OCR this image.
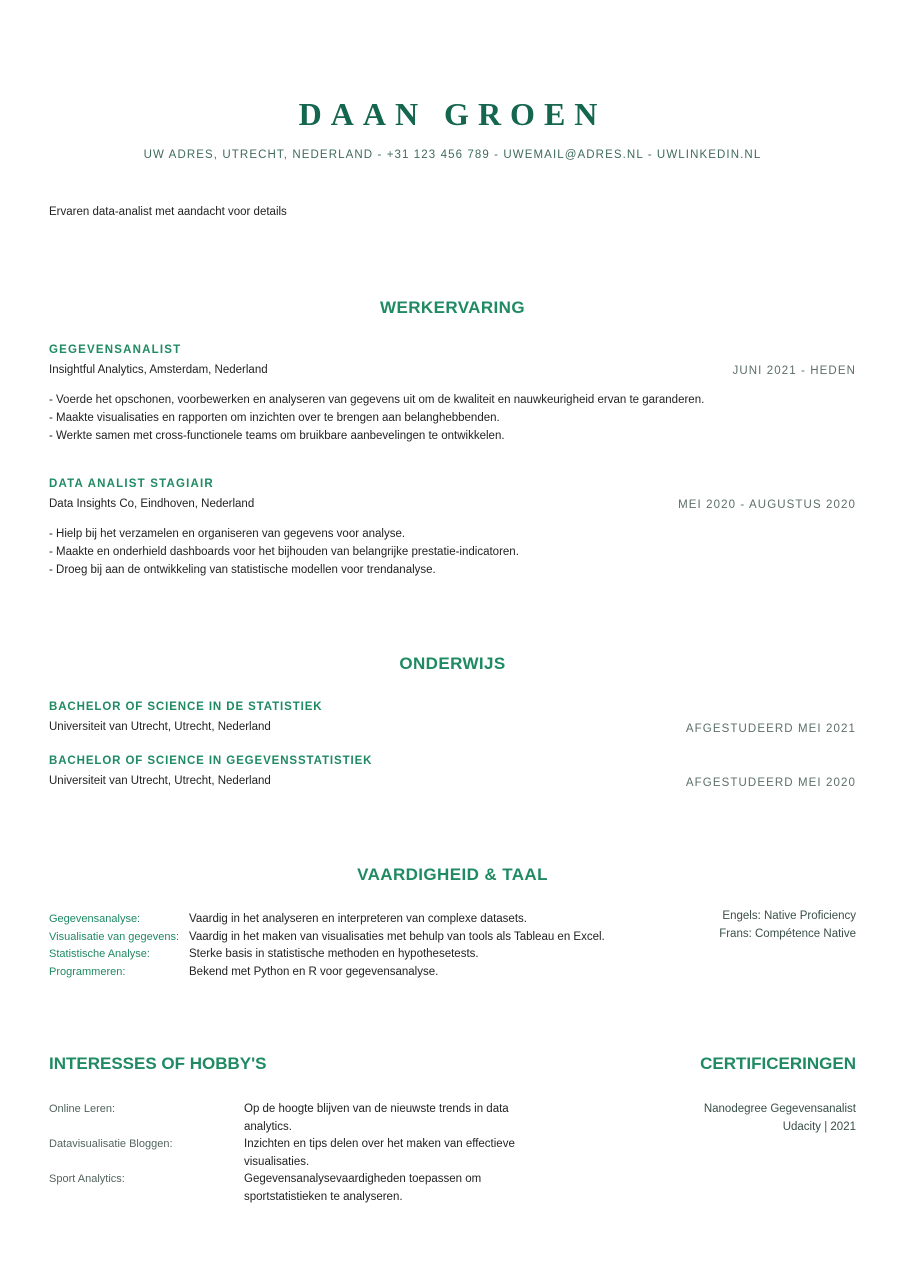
DAAN GROEN
UW ADRES, UTRECHT, NEDERLAND - +31 123 456 789 - UWEMAIL@ADRES.NL - UWLINKEDIN.NL
Ervaren data-analist met aandacht voor details
WERKERVARING
GEGEVENSANALIST
Insightful Analytics, Amsterdam, Nederland	JUNI 2021 - HEDEN
- Voerde het opschonen, voorbewerken en analyseren van gegevens uit om de kwaliteit en nauwkeurigheid ervan te garanderen.
- Maakte visualisaties en rapporten om inzichten over te brengen aan belanghebbenden.
- Werkte samen met cross-functionele teams om bruikbare aanbevelingen te ontwikkelen.
DATA ANALIST STAGIAIR
Data Insights Co, Eindhoven, Nederland	MEI 2020 - AUGUSTUS 2020
- Hielp bij het verzamelen en organiseren van gegevens voor analyse.
- Maakte en onderhield dashboards voor het bijhouden van belangrijke prestatie-indicatoren.
- Droeg bij aan de ontwikkeling van statistische modellen voor trendanalyse.
ONDERWIJS
BACHELOR OF SCIENCE IN DE STATISTIEK
Universiteit van Utrecht, Utrecht, Nederland	AFGESTUDEERD MEI 2021
BACHELOR OF SCIENCE IN GEGEVENSSTATISTIEK
Universiteit van Utrecht, Utrecht, Nederland	AFGESTUDEERD MEI 2020
VAARDIGHEID & TAAL
Gegevensanalyse:	Vaardig in het analyseren en interpreteren van complexe datasets.
Visualisatie van gegevens: Vaardig in het maken van visualisaties met behulp van tools als Tableau en Excel.
Statistische Analyse:	Sterke basis in statistische methoden en hypothesetests.
Programmeren:	Bekend met Python en R voor gegevensanalyse.
Engels: Native Proficiency
Frans: Compétence Native
INTERESSES OF HOBBY'S
Online Leren:	Op de hoogte blijven van de nieuwste trends in data analytics.
Datavisualisatie Bloggen:	Inzichten en tips delen over het maken van effectieve visualisaties.
Sport Analytics:	Gegevensanalysevaardigheden toepassen om sportstatistieken te analyseren.
CERTIFICERINGEN
Nanodegree Gegevensanalist
Udacity | 2021
